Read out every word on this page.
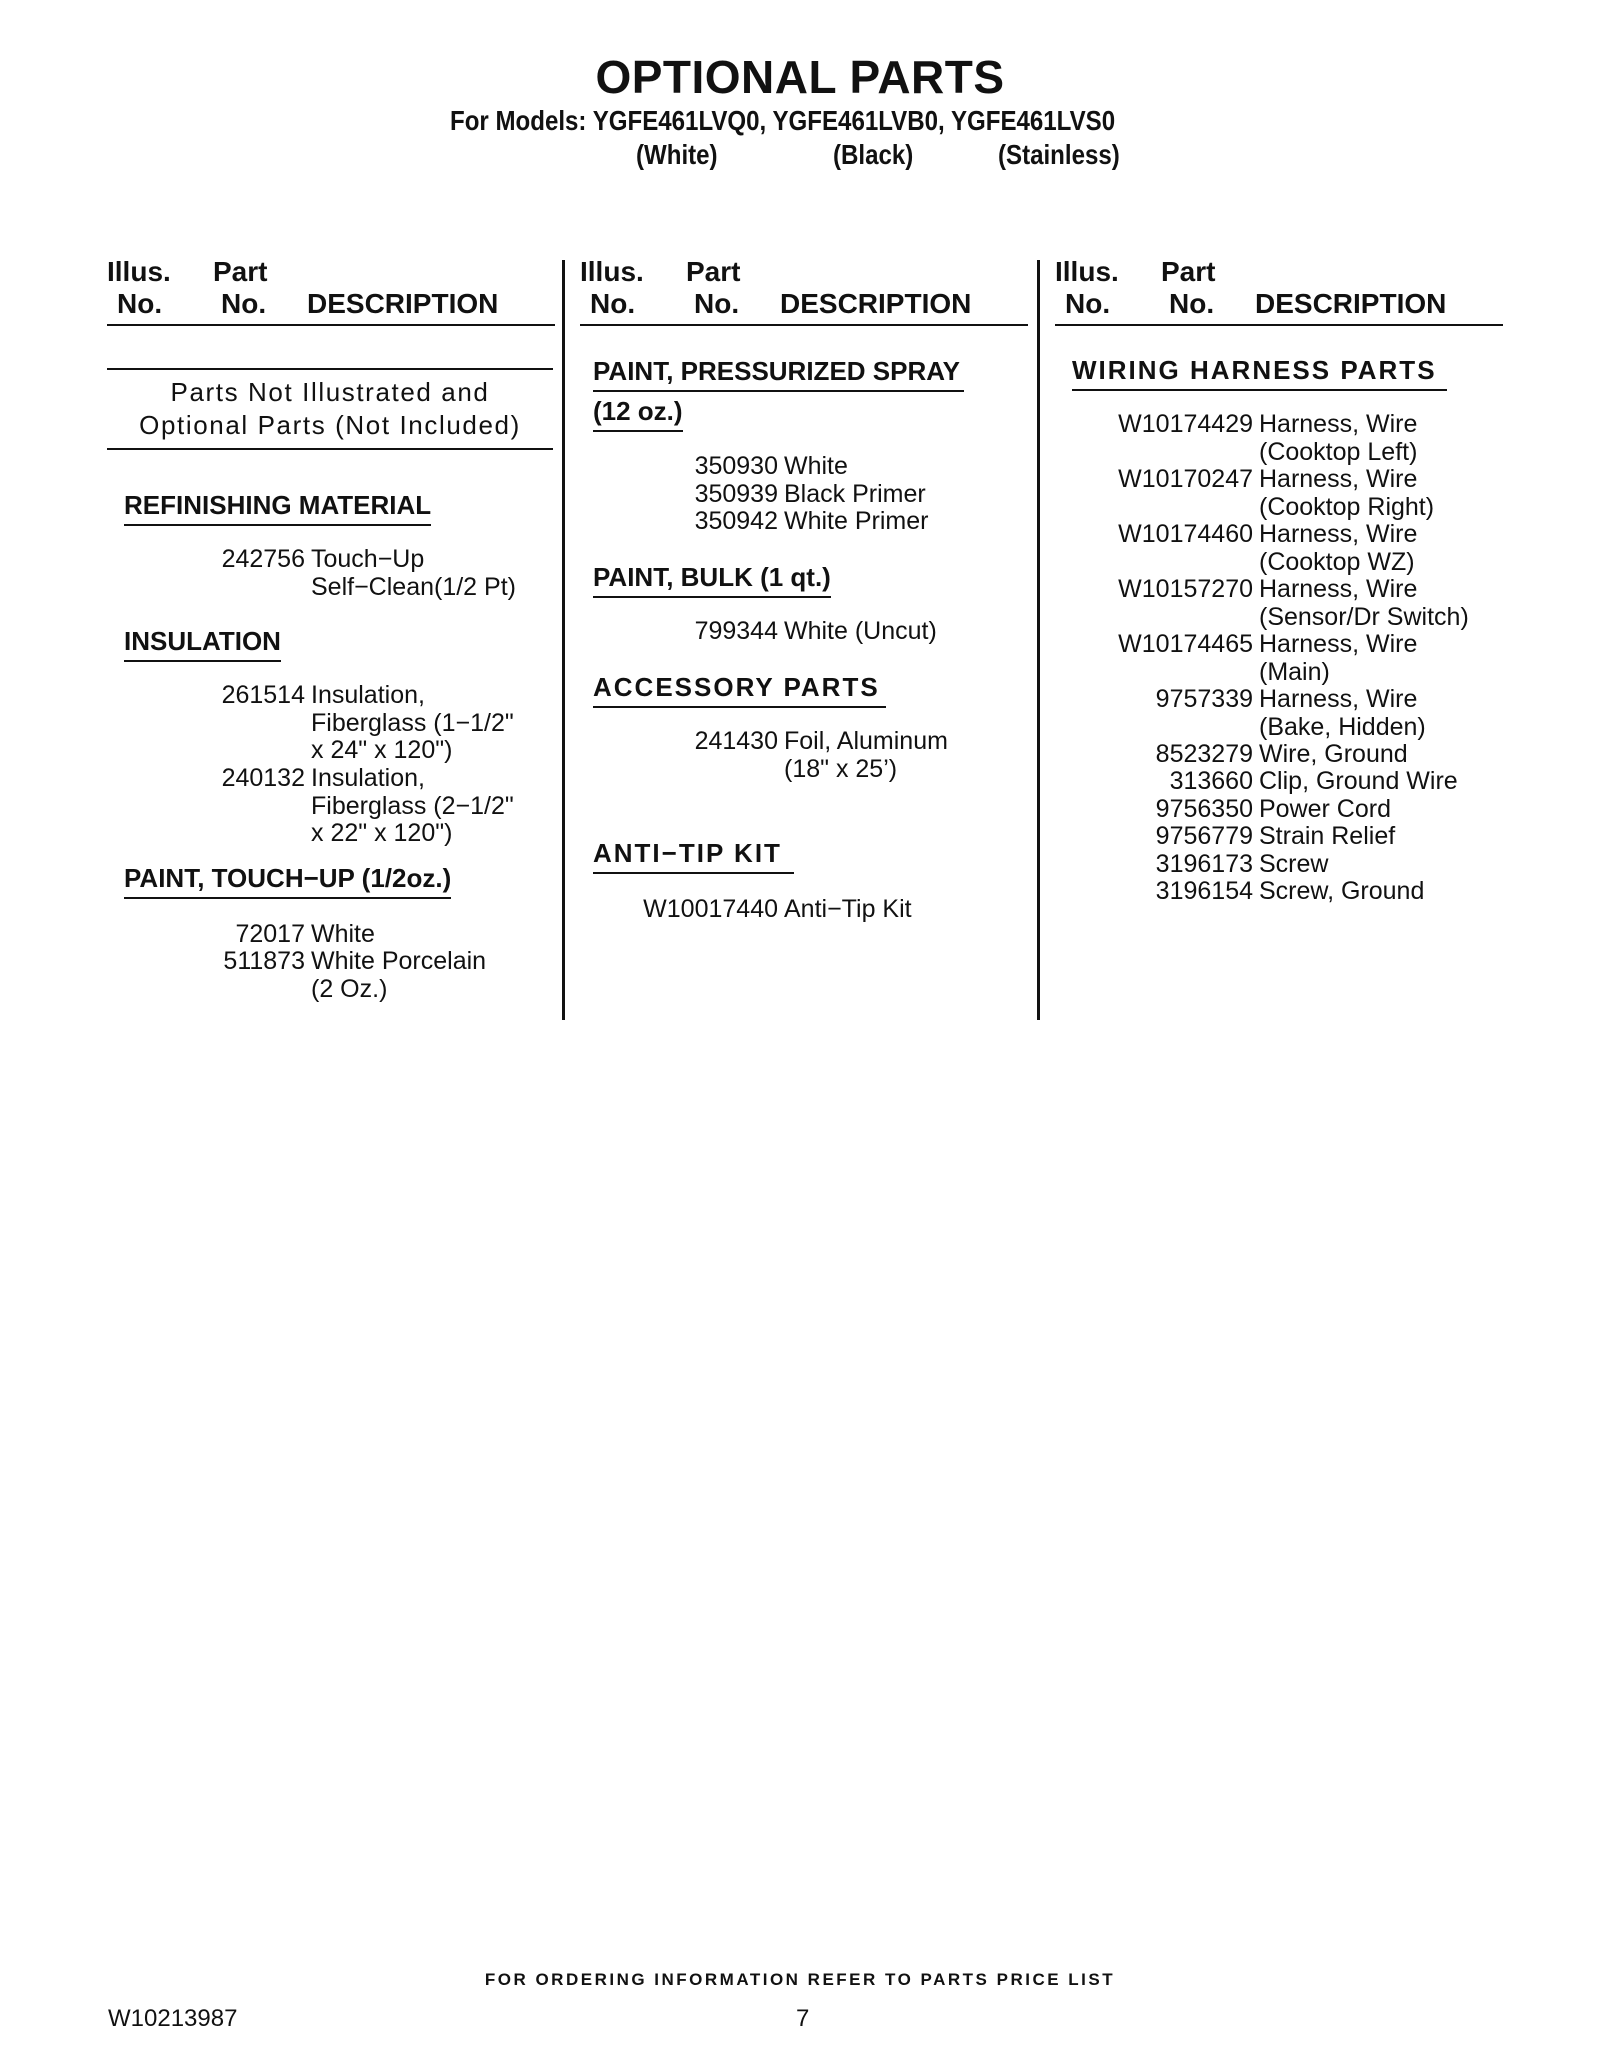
OPTIONAL PARTS
For Models: YGFE461LVQ0, YGFE461LVB0, YGFE461LVS0
(White)	(Black)	(Stainless)
Illus.
No.
Part
No. DESCRIPTION
Parts Not Illustrated and
Optional Parts (Not Included)
REFINISHING MATERIAL
242756 Touch−Up
Self−Clean(1/2 Pt)
INSULATION
261514 Insulation,
Fiberglass (1−1/2"
x 24" x 120")
240132 Insulation,
Fiberglass (2−1/2"
x 22" x 120")
PAINT, TOUCH−UP (1/2oz.)
72017 White
511873 White Porcelain
(2 Oz.)
Illus.
No.
Part
No. DESCRIPTION
PAINT, PRESSURIZED SPRAY
(12 oz.)
350930 White
350939 Black Primer
350942 White Primer
PAINT, BULK (1 qt.)
799344 White (Uncut)
ACCESSORY PARTS
241430 Foil, Aluminum
(18" x 25’)
ANTI−TIP KIT
W10017440 Anti−Tip Kit
Illus.
No.
Part
No. DESCRIPTION
WIRING HARNESS PARTS
W10174429 Harness, Wire
(Cooktop Left)
W10170247 Harness, Wire
(Cooktop Right)
W10174460 Harness, Wire
(Cooktop WZ)
W10157270 Harness, Wire
(Sensor/Dr Switch)
W10174465 Harness, Wire
(Main)
9757339 Harness, Wire
(Bake, Hidden)
8523279 Wire, Ground
313660 Clip, Ground Wire
9756350 Power Cord
9756779 Strain Relief
3196173 Screw
3196154 Screw, Ground
FOR ORDERING INFORMATION REFER TO PARTS PRICE LIST
W10213987	7
